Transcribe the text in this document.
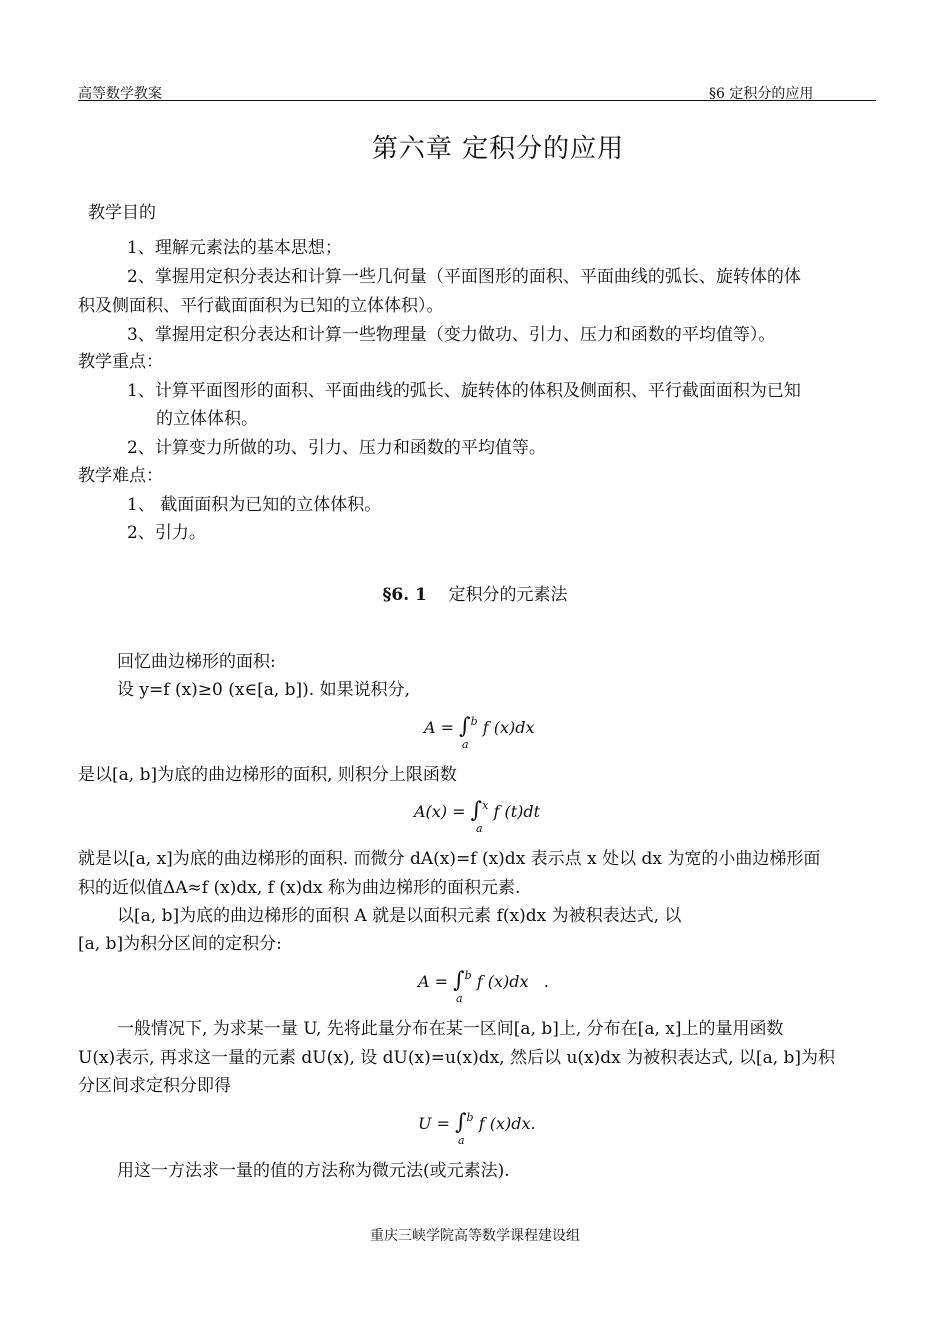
高等数学教案	§6 定积分的应用
第六章 定积分的应用
教学目的
1、理解元素法的基本思想；
2、掌握用定积分表达和计算一些几何量（平面图形的面积、平面曲线的弧长、旋转体的体
积及侧面积、平行截面面积为已知的立体体积）。
3、掌握用定积分表达和计算一些物理量（变力做功、引力、压力和函数的平均值等）。
教学重点：
1、计算平面图形的面积、平面曲线的弧长、旋转体的体积及侧面积、平行截面面积为已知
的立体体积。
2、计算变力所做的功、引力、压力和函数的平均值等。
教学难点：
1、 截面面积为已知的立体体积。
2、引力。
§6. 1 定积分的元素法
回忆曲边梯形的面积:
设 y=f (x)≥0 (x∈[a, b]). 如果说积分,
A = ∫$^b$ f (x)dx
a
是以[a, b]为底的曲边梯形的面积, 则积分上限函数
A(x) = ∫$^x$ f (t)dt
a
就是以[a, x]为底的曲边梯形的面积. 而微分 dA(x)=f (x)dx 表示点 x 处以 dx 为宽的小曲边梯形面
积的近似值ΔA≈f (x)dx, f (x)dx 称为曲边梯形的面积元素.
以[a, b]为底的曲边梯形的面积 A 就是以面积元素 f(x)dx 为被积表达式, 以
[a, b]为积分区间的定积分:
A = ∫$^b$ f (x)dx .
a
一般情况下, 为求某一量 U, 先将此量分布在某一区间[a, b]上, 分布在[a, x]上的量用函数
U(x)表示, 再求这一量的元素 dU(x), 设 dU(x)=u(x)dx, 然后以 u(x)dx 为被积表达式, 以[a, b]为积
分区间求定积分即得
U = ∫$^b$ f (x)dx.
a
用这一方法求一量的值的方法称为微元法(或元素法).
重庆三峡学院高等数学课程建设组
